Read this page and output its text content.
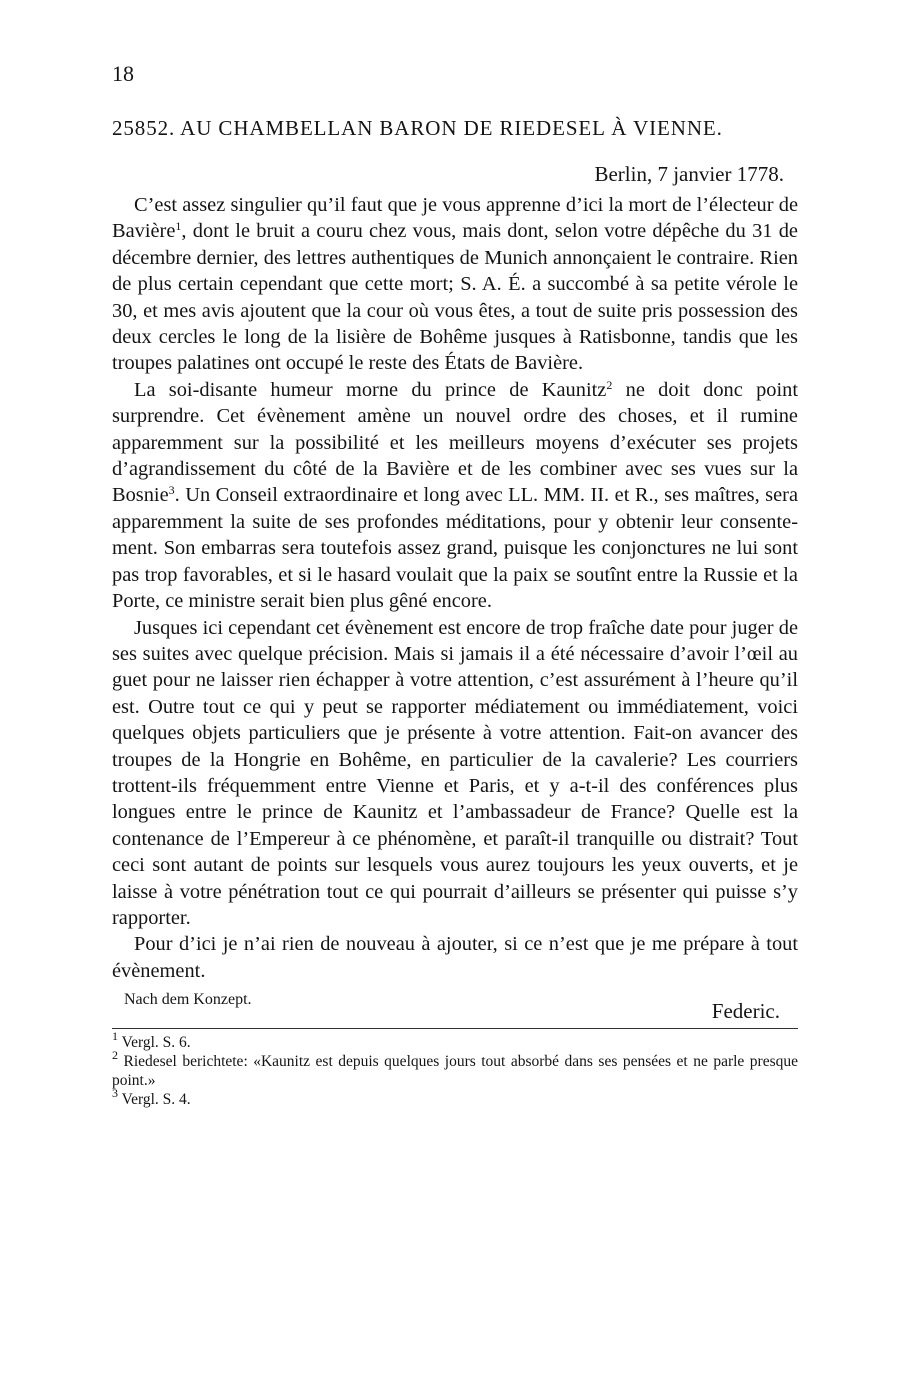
18
25852. AU CHAMBELLAN BARON DE RIEDESEL À VIENNE.
Berlin, 7 janvier 1778.

C’est assez singulier qu’il faut que je vous apprenne d’ici la mort de l’électeur de Bavière$^1$, dont le bruit a couru chez vous, mais dont, selon votre dépêche du 31 de décembre dernier, des lettres authentiques de Munich annonçaient le contraire. Rien de plus certain cependant que cette mort; S. A. É. a succombé à sa petite vérole le 30, et mes avis ajoutent que la cour où vous êtes, a tout de suite pris possession des deux cercles le long de la lisière de Bohême jusques à Ratisbonne, tandis que les troupes palatines ont occupé le reste des États de Bavière.

La soi-disante humeur morne du prince de Kaunitz$^2$ ne doit donc point surprendre. Cet évènement amène un nouvel ordre des choses, et il rumine apparemment sur la possibilité et les meilleurs moyens d’exécuter ses projets d’agrandissement du côté de la Bavière et de les combiner avec ses vues sur la Bosnie$^3$. Un Conseil extraordinaire et long avec LL. MM. II. et R., ses maîtres, sera apparemment la suite de ses profondes méditations, pour y obtenir leur consentement. Son embarras sera toutefois assez grand, puisque les conjonctures ne lui sont pas trop favorables, et si le hasard voulait que la paix se soutînt entre la Russie et la Porte, ce ministre serait bien plus gêné encore.

Jusques ici cependant cet évènement est encore de trop fraîche date pour juger de ses suites avec quelque précision. Mais si jamais il a été nécessaire d’avoir l’œil au guet pour ne laisser rien échapper à votre attention, c’est assurément à l’heure qu’il est. Outre tout ce qui y peut se rapporter médiatement ou immédiatement, voici quelques objets particuliers que je présente à votre attention. Fait-on avancer des troupes de la Hongrie en Bohême, en particulier de la cavalerie? Les courriers trottent-ils fréquemment entre Vienne et Paris, et y a-t-il des conférences plus longues entre le prince de Kaunitz et l’ambassadeur de France? Quelle est la contenance de l’Empereur à ce phénomène, et paraît-il tranquille ou distrait? Tout ceci sont autant de points sur lesquels vous aurez toujours les yeux ouverts, et je laisse à votre pénétration tout ce qui pourrait d’ailleurs se présenter qui puisse s’y rapporter.

Pour d’ici je n’ai rien de nouveau à ajouter, si ce n’est que je me prépare à tout évènement.

Nach dem Konzept.	Federic.
$^1$ Vergl. S. 6.
$^2$ Riedesel berichtete: «Kaunitz est depuis quelques jours tout absorbé dans ses pensées et ne parle presque point.»
$^3$ Vergl. S. 4.
